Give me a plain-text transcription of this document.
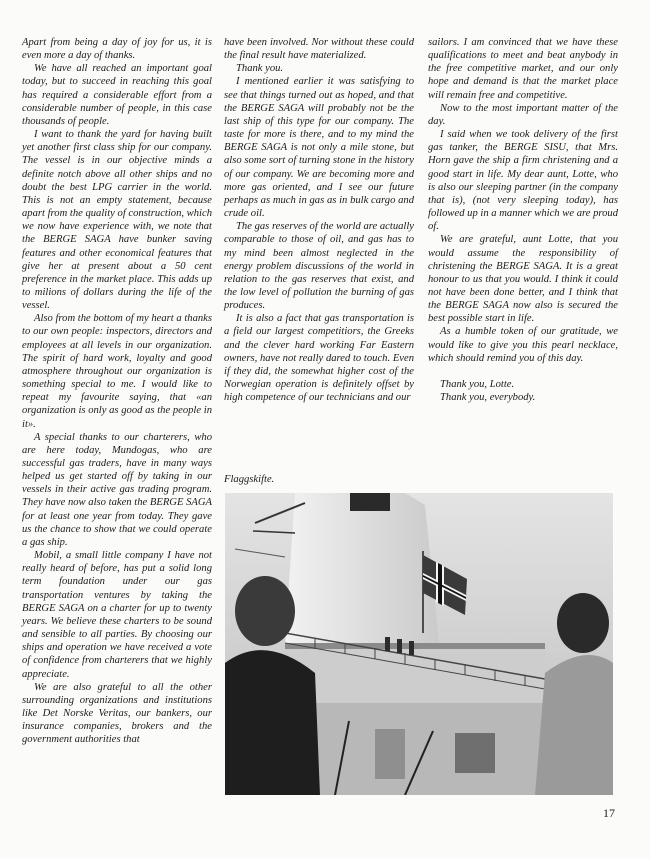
Apart from being a day of joy for us, it is even more a day of thanks.

We have all reached an important goal today, but to succeed in reaching this goal has required a considerable effort from a considerable number of people, in this case thousands of people.

I want to thank the yard for having built yet another first class ship for our company. The vessel is in our objective minds a definite notch above all other ships and no doubt the best LPG carrier in the world. This is not an empty statement, because apart from the quality of construction, which we now have experience with, we note that the BERGE SAGA have bunker saving features and other economical features that give her at present about a 50 cent preference in the market place. This adds up to milions of dollars during the life of the vessel.

Also from the bottom of my heart a thanks to our own people: inspectors, directors and employees at all levels in our organization. The spirit of hard work, loyalty and good atmosphere throughout our organization is something special to me. I would like to repeat my favourite saying, that «an organization is only as good as the people in it».

A special thanks to our charterers, who are here today, Mundogas, who are successful gas traders, have in many ways helped us get started off by taking in our vessels in their active gas trading program. They have now also taken the BERGE SAGA for at least one year from today. They gave us the chance to show that we could operate a gas ship.

Mobil, a small little company I have not really heard of before, has put a solid long term foundation under our gas transportation ventures by taking the BERGE SAGA on a charter for up to twenty years. We believe these charters to be sound and sensible to all parties. By choosing our ships and operation we have received a vote of confidence from charterers that we highly appreciate.

We are also grateful to all the other surrounding organizations and institutions like Det Norske Veritas, our bankers, our insurance companies, brokers and the government authorities that

have been involved. Nor without these could the final result have materialized.

Thank you.

I mentioned earlier it was satisfying to see that things turned out as hoped, and that the BERGE SAGA will probably not be the last ship of this type for our company. The taste for more is there, and to my mind the BERGE SAGA is not only a mile stone, but also some sort of turning stone in the history of our company. We are becoming more and more gas oriented, and I see our future perhaps as much in gas as in bulk cargo and crude oil.

The gas reserves of the world are actually comparable to those of oil, and gas has to my mind been almost neglected in the energy problem discussions of the world in relation to the gas reserves that exist, and the low level of pollution the burning of gas produces.

It is also a fact that gas transportation is a field our largest competitiors, the Greeks and the clever hard working Far Eastern owners, have not really dared to touch. Even if they did, the somewhat higher cost of the Norwegian operation is definitely offset by high competence of our technicians and our

sailors. I am convinced that we have these qualifications to meet and beat anybody in the free competitive market, and our only hope and demand is that the market place will remain free and competitive.

Now to the most important matter of the day.

I said when we took delivery of the first gas tanker, the BERGE SISU, that Mrs. Horn gave the ship a firm christening and a good start in life. My dear aunt, Lotte, who is also our sleeping partner (in the company that is), (not very sleeping today), has followed up in a manner which we are proud of.

We are grateful, aunt Lotte, that you would assume the responsibility of christening the BERGE SAGA. It is a great honour to us that you would. I think it could not have been done better, and I think that the BERGE SAGA now also is secured the best possible start in life.

As a humble token of our gratitude, we would like to give you this pearl necklace, which should remind you of this day.

Thank you, Lotte.

Thank you, everybody.

Flaggskifte.
17
